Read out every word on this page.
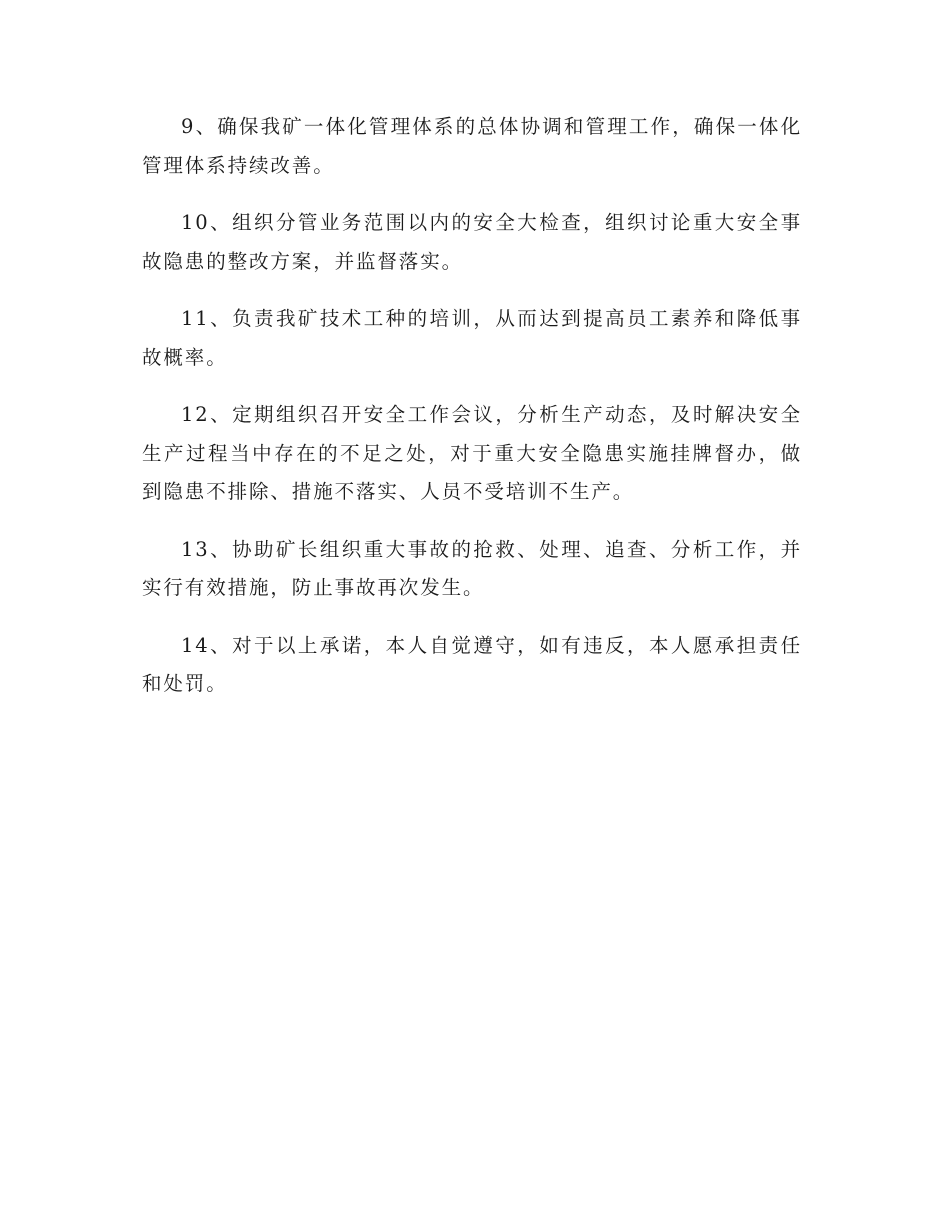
9、确保我矿一体化管理体系的总体协调和管理工作，确保一体化管理体系持续改善。

10、组织分管业务范围以内的安全大检查，组织讨论重大安全事故隐患的整改方案，并监督落实。

11、负责我矿技术工种的培训，从而达到提高员工素养和降低事故概率。

12、定期组织召开安全工作会议，分析生产动态，及时解决安全生产过程当中存在的不足之处，对于重大安全隐患实施挂牌督办，做到隐患不排除、措施不落实、人员不受培训不生产。

13、协助矿长组织重大事故的抢救、处理、追查、分析工作，并实行有效措施，防止事故再次发生。

14、对于以上承诺，本人自觉遵守，如有违反，本人愿承担责任和处罚。
